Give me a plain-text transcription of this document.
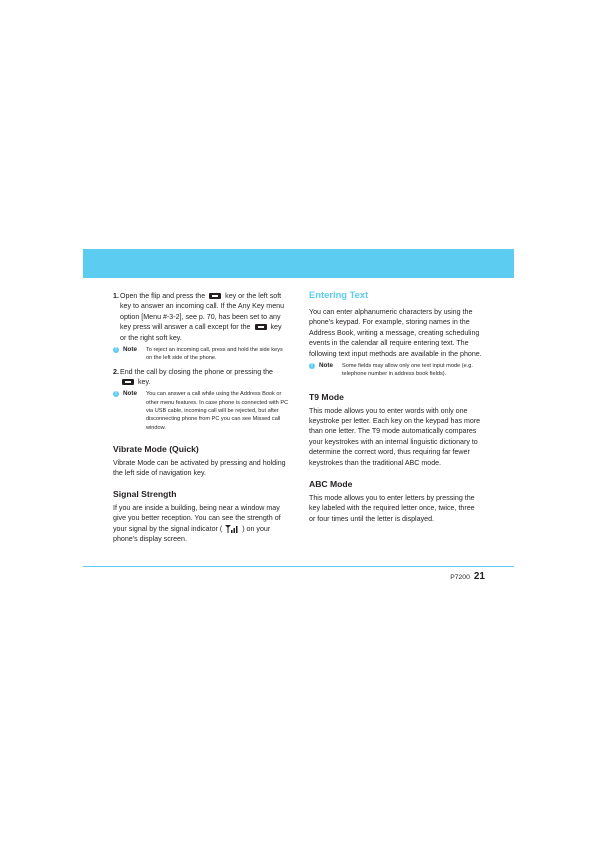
1. Open the flip and press the	key or the left soft key to answer an incoming call. If the Any Key menu option [Menu #-3-2], see p. 70, has been set to any key press will answer a call except for the	key or the right soft key.

! Note	To reject an incoming call, press and hold the side keys on the left side of the phone.
2. End the call by closing the phone or pressing the  key.

! Note	You can answer a call while using the Address Book or other menu features. In case phone is connected with PC via USB cable, incoming call will be rejected, but after disconnecting phone from PC you can see Missed call window.
Vibrate Mode (Quick)

Vibrate Mode can be activated by pressing and holding the left side of navigation key.

Signal Strength

If you are inside a building, being near a window may give you better reception. You can see the strength of your signal by the signal indicator (	) on your phone's display screen.

Entering Text

You can enter alphanumeric characters by using the phone's keypad. For example, storing names in the Address Book, writing a message, creating scheduling events in the calendar all require entering text. The following text input methods are available in the phone.

! Note	Some fields may allow only one text input mode (e.g. telephone number in address book fields).
T9 Mode

This mode allows you to enter words with only one keystroke per letter. Each key on the keypad has more than one letter. The T9 mode automatically compares your keystrokes with an internal linguistic dictionary to determine the correct word, thus requiring far fewer keystrokes than the traditional ABC mode.

ABC Mode

This mode allows you to enter letters by pressing the key labeled with the required letter once, twice, three or four times until the letter is displayed.

P7200 21
